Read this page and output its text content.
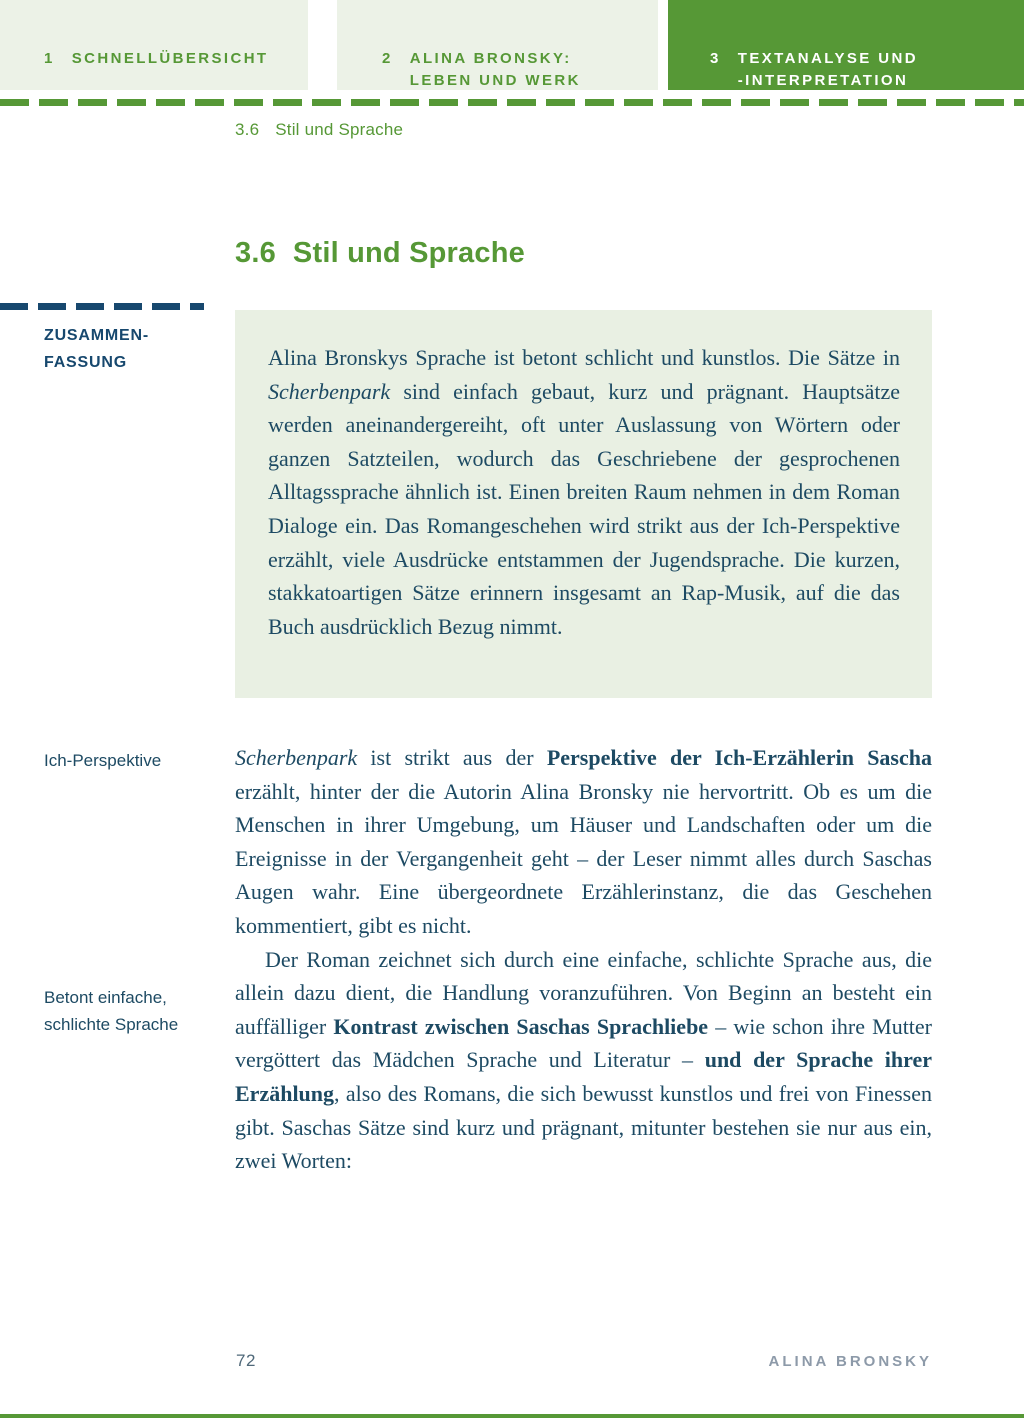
1 SCHNELLÜBERSICHT	2 ALINA BRONSKY:
LEBEN UND WERK
3 TEXTANALYSE UND
-INTERPRETATION
3.6 Stil und Sprache
3.6 Stil und Sprache
ZUSAMMEN-
FASSUNG	Alina Bronskys Sprache ist betont schlicht und kunstlos. Die Sätze in Scherbenpark sind einfach gebaut, kurz und prägnant. Hauptsätze werden aneinandergereiht, oft unter Auslassung von Wörtern oder ganzen Satzteilen, wodurch das Geschriebene der gesprochenen Alltagssprache ähnlich ist. Einen breiten Raum nehmen in dem Roman Dialoge ein. Das Romangeschehen wird strikt aus der Ich-Perspektive erzählt, viele Ausdrücke entstammen der Jugendsprache. Die kurzen, stakkatoartigen Sätze erinnern insgesamt an Rap-Musik, auf die das Buch ausdrücklich Bezug nimmt.

Ich-Perspektive
Betont einfache,
schlichte Sprache

Scherbenpark ist strikt aus der Perspektive der Ich-Erzählerin Sascha erzählt, hinter der die Autorin Alina Bronsky nie hervortritt. Ob es um die Menschen in ihrer Umgebung, um Häuser und Landschaften oder um die Ereignisse in der Vergangenheit geht – der Leser nimmt alles durch Saschas Augen wahr. Eine übergeordnete Erzählerinstanz, die das Geschehen kommentiert, gibt es nicht.

Der Roman zeichnet sich durch eine einfache, schlichte Sprache aus, die allein dazu dient, die Handlung voranzuführen. Von Beginn an besteht ein auffälliger Kontrast zwischen Saschas Sprachliebe – wie schon ihre Mutter vergöttert das Mädchen Sprache und Literatur – und der Sprache ihrer Erzählung, also des Romans, die sich bewusst kunstlos und frei von Finessen gibt. Saschas Sätze sind kurz und prägnant, mitunter bestehen sie nur aus ein, zwei Worten:

72	ALINA BRONSKY
